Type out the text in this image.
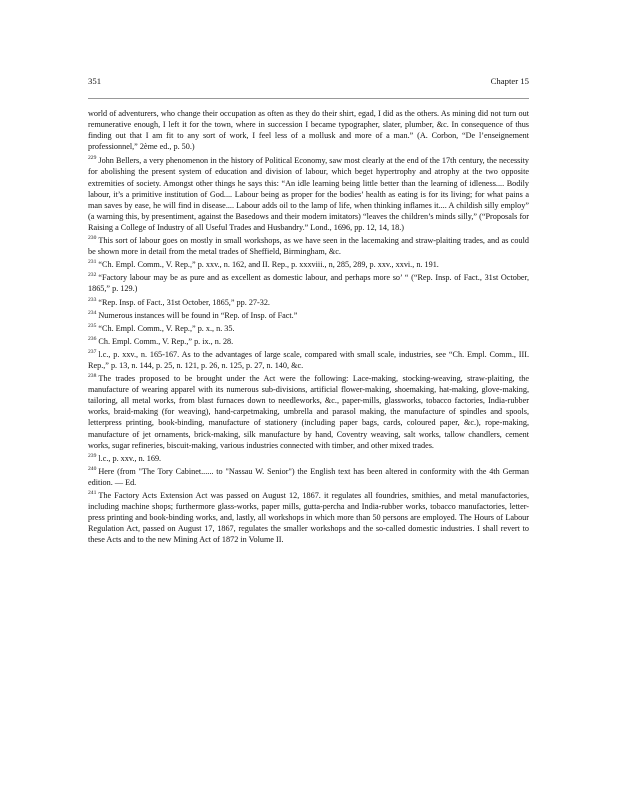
351	Chapter 15

world of adventurers, who change their occupation as often as they do their shirt, egad, I did as the others. As mining did not turn out remunerative enough, I left it for the town, where in succession I became typographer, slater, plumber, &c. In consequence of thus finding out that I am fit to any sort of work, I feel less of a mollusk and more of a man.” (A. Corbon, “De l’enseignement professionnel,” 2ème ed., p. 50.)

$^{229}$ John Bellers, a very phenomenon in the history of Political Economy, saw most clearly at the end of the 17th century, the necessity for abolishing the present system of education and division of labour, which beget hypertrophy and atrophy at the two opposite extremities of society. Amongst other things he says this: “An idle learning being little better than the learning of idleness.... Bodily labour, it’s a primitive institution of God.... Labour being as proper for the bodies’ health as eating is for its living; for what pains a man saves by ease, he will find in disease.... Labour adds oil to the lamp of life, when thinking inflames it.... A childish silly employ” (a warning this, by presentiment, against the Basedows and their modern imitators) “leaves the children’s minds silly,” (“Proposals for Raising a College of Industry of all Useful Trades and Husbandry.” Lond., 1696, pp. 12, 14, 18.)

$^{230}$ This sort of labour goes on mostly in small workshops, as we have seen in the lacemaking and straw-plaiting trades, and as could be shown more in detail from the metal trades of Sheffield, Birmingham, &c.

$^{231}$ “Ch. Empl. Comm., V. Rep.,” p. xxv., n. 162, and II. Rep., p. xxxviii., n, 285, 289, p. xxv., xxvi., n. 191.

$^{232}$ “Factory labour may be as pure and as excellent as domestic labour, and perhaps more so’ “ (“Rep. Insp. of Fact., 31st October, 1865,” p. 129.)

$^{233}$ “Rep. Insp. of Fact., 31st October, 1865,” pp. 27-32.

$^{234}$ Numerous instances will be found in “Rep. of Insp. of Fact.”

$^{235}$ “Ch. Empl. Comm., V. Rep.,” p. x., n. 35.

$^{236}$ Ch. Empl. Comm., V. Rep.,” p. ix., n. 28.

$^{237}$ l.c., p. xxv., n. 165-167. As to the advantages of large scale, compared with small scale, industries, see “Ch. Empl. Comm., III. Rep.,” p. 13, n. 144, p. 25, n. 121, p. 26, n. 125, p. 27, n. 140, &c.

$^{238}$ The trades proposed to be brought under the Act were the following: Lace-making, stocking-weaving, straw-plaiting, the manufacture of wearing apparel with its numerous sub-divisions, artificial flower-making, shoemaking, hat-making, glove-making, tailoring, all metal works, from blast furnaces down to needleworks, &c., paper-mills, glassworks, tobacco factories, India-rubber works, braid-making (for weaving), hand-carpetmaking, umbrella and parasol making, the manufacture of spindles and spools, letterpress printing, book-binding, manufacture of stationery (including paper bags, cards, coloured paper, &c.), rope-making, manufacture of jet ornaments, brick-making, silk manufacture by hand, Coventry weaving, salt works, tallow chandlers, cement works, sugar refineries, biscuit-making, various industries connected with timber, and other mixed trades.

$^{239}$ l.c., p. xxv., n. 169.

$^{240}$ Here (from "The Tory Cabinet...... to "Nassau W. Senior") the English text has been altered in conformity with the 4th German edition. — Ed.

$^{241}$ The Factory Acts Extension Act was passed on August 12, 1867. it regulates all foundries, smithies, and metal manufactories, including machine shops; furthermore glass-works, paper mills, gutta-percha and India-rubber works, tobacco manufactories, letter-press printing and book-binding works, and, lastly, all workshops in which more than 50 persons are employed. The Hours of Labour Regulation Act, passed on August 17, 1867, regulates the smaller workshops and the so-called domestic industries. I shall revert to these Acts and to the new Mining Act of 1872 in Volume II.
